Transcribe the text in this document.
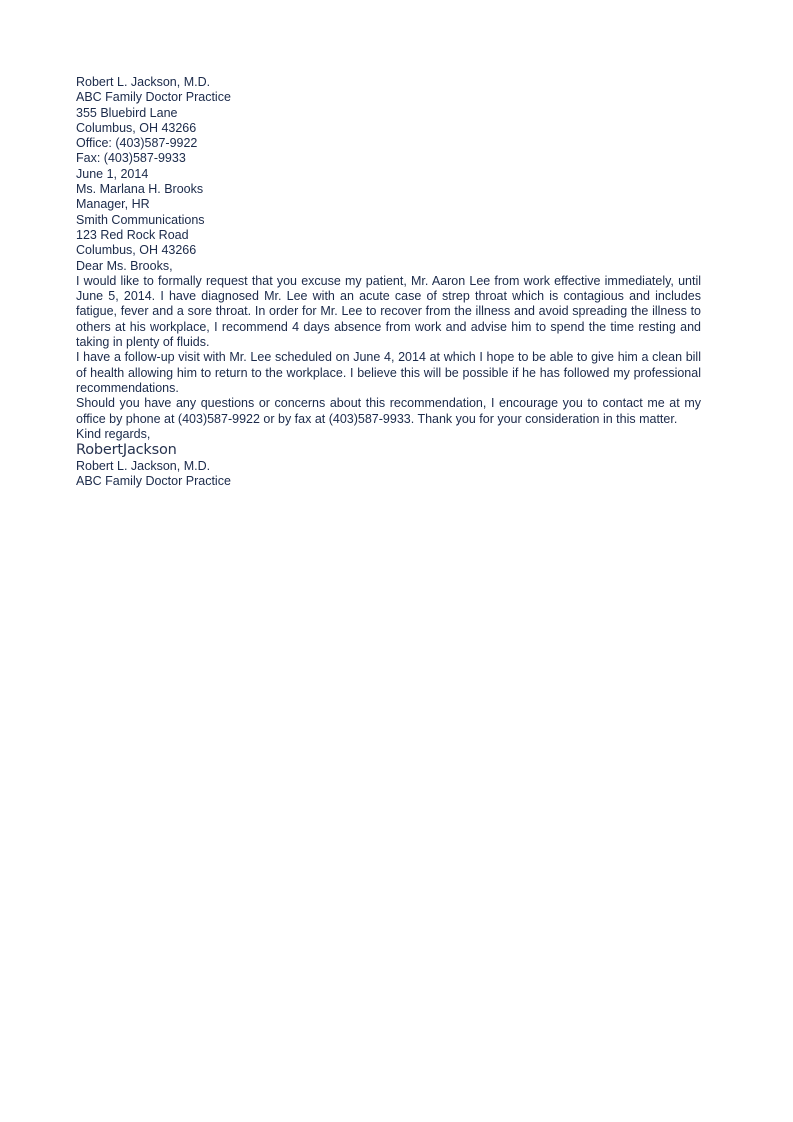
Robert L. Jackson, M.D.
ABC Family Doctor Practice
355 Bluebird Lane
Columbus, OH 43266
Office: (403)587-9922
Fax: (403)587-9933
June 1, 2014
Ms. Marlana H. Brooks
Manager, HR
Smith Communications
123 Red Rock Road
Columbus, OH 43266
Dear Ms. Brooks,
I would like to formally request that you excuse my patient, Mr. Aaron Lee from work effective immediately, until June 5, 2014. I have diagnosed Mr. Lee with an acute case of strep throat which is contagious and includes fatigue, fever and a sore throat. In order for Mr. Lee to recover from the illness and avoid spreading the illness to others at his workplace, I recommend 4 days absence from work and advise him to spend the time resting and taking in plenty of fluids.
I have a follow-up visit with Mr. Lee scheduled on June 4, 2014 at which I hope to be able to give him a clean bill of health allowing him to return to the workplace. I believe this will be possible if he has followed my professional recommendations.
Should you have any questions or concerns about this recommendation, I encourage you to contact me at my office by phone at (403)587-9922 or by fax at (403)587-9933. Thank you for your consideration in this matter.
Kind regards,
RobertJackson
Robert L. Jackson, M.D.
ABC Family Doctor Practice
